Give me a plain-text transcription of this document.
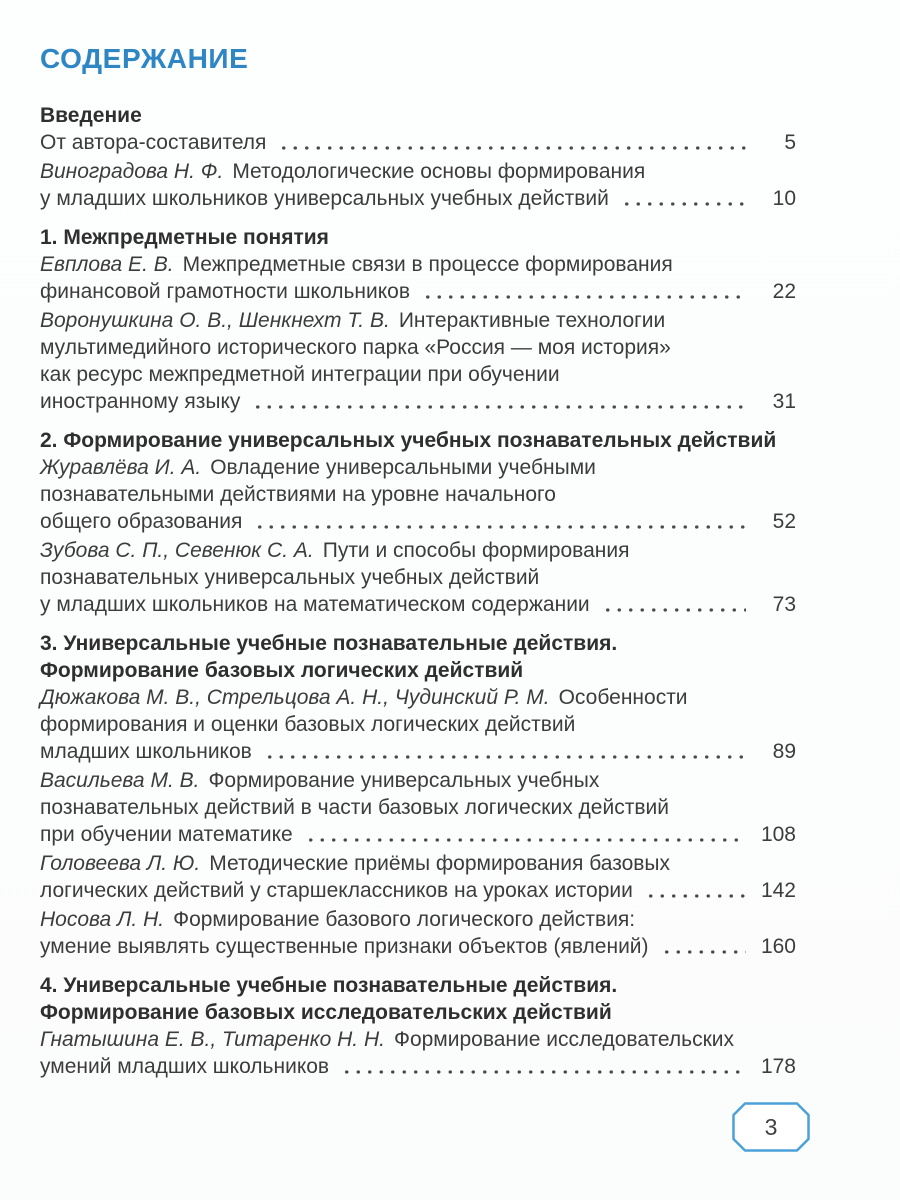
СОДЕРЖАНИЕ
Введение
От автора-составителя	5
Виноградова Н. Ф. Методологические основы формирования
у младших школьников универсальных учебных действий	10
1. Межпредметные понятия
Евплова Е. В. Межпредметные связи в процессе формирования
финансовой грамотности школьников	22
Воронушкина О. В., Шенкнехт Т. В. Интерактивные технологии
мультимедийного исторического парка «Россия — моя история»
как ресурс межпредметной интеграции при обучении
иностранному языку	31
2. Формирование универсальных учебных познавательных действий
Журавлёва И. А. Овладение универсальными учебными
познавательными действиями на уровне начального
общего образования	52
Зубова С. П., Севенюк С. А. Пути и способы формирования
познавательных универсальных учебных действий
у младших школьников на математическом содержании	73
3. Универсальные учебные познавательные действия.
Формирование базовых логических действий
Дюжакова М. В., Стрельцова А. Н., Чудинский Р. М. Особенности
формирования и оценки базовых логических действий
младших школьников	89
Васильева М. В. Формирование универсальных учебных
познавательных действий в части базовых логических действий
при обучении математике	108
Головеева Л. Ю. Методические приёмы формирования базовых
логических действий у старшеклассников на уроках истории	142
Носова Л. Н. Формирование базового логического действия:
умение выявлять существенные признаки объектов (явлений)	160
4. Универсальные учебные познавательные действия.
Формирование базовых исследовательских действий
Гнатышина Е. В., Титаренко Н. Н. Формирование исследовательских
умений младших школьников	178
3
